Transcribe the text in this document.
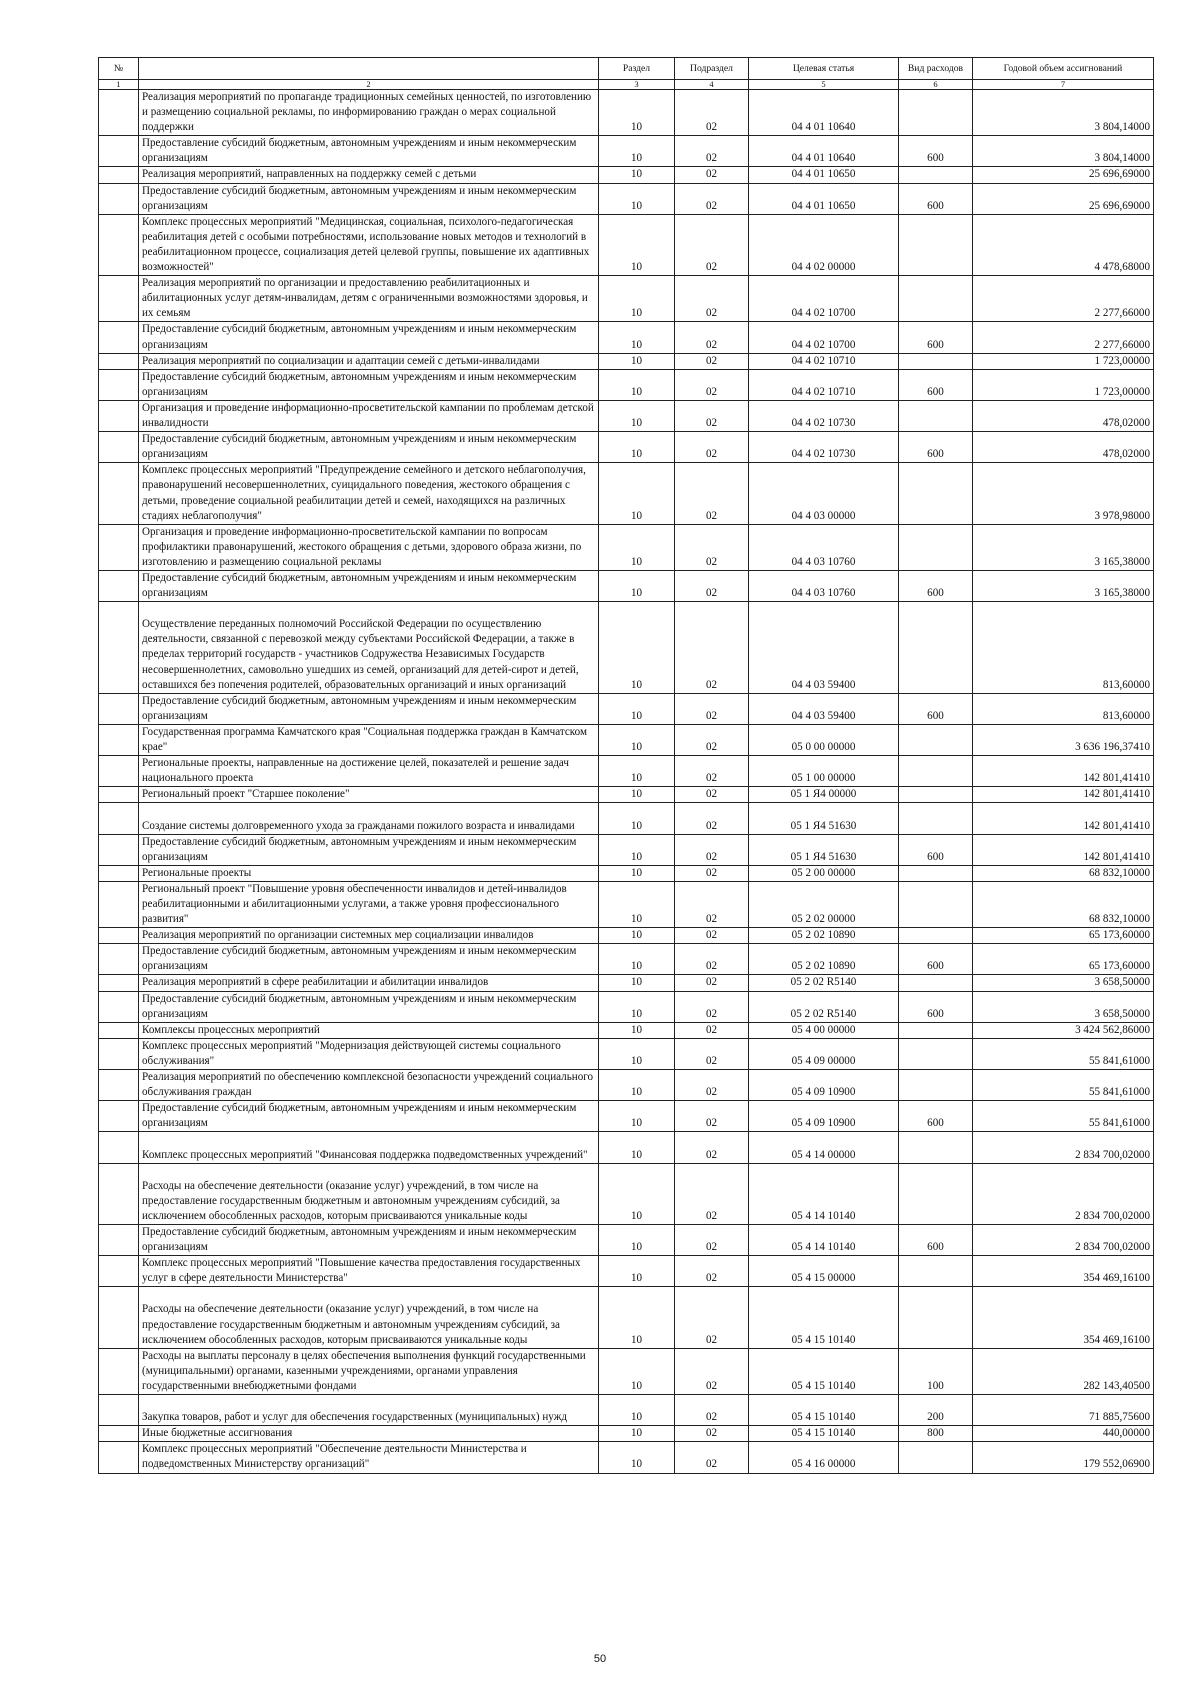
№		Раздел	Подраздел	Целевая статья	Вид расходов	Годовой объем ассигнований
1	2	3	4	5	6	7
	Реализация мероприятий по пропаганде традиционных семейных ценностей, по изготовлению и размещению социальной рекламы, по информированию граждан о мерах социальной поддержки	10	02	04 4 01 10640		3 804,14000
	Предоставление субсидий бюджетным, автономным учреждениям и иным некоммерческим организациям	10	02	04 4 01 10640	600	3 804,14000
	Реализация мероприятий, направленных на поддержку семей с детьми	10	02	04 4 01 10650		25 696,69000
	Предоставление субсидий бюджетным, автономным учреждениям и иным некоммерческим организациям	10	02	04 4 01 10650	600	25 696,69000
	Комплекс процессных мероприятий "Медицинская, социальная, психолого-педагогическая реабилитация детей с особыми потребностями, использование новых методов и технологий в реабилитационном процессе, социализация детей целевой группы, повышение их адаптивных возможностей"	10	02	04 4 02 00000		4 478,68000
	Реализация мероприятий по организации и предоставлению реабилитационных и абилитационных услуг детям-инвалидам, детям с ограниченными возможностями здоровья, и их семьям	10	02	04 4 02 10700		2 277,66000
	Предоставление субсидий бюджетным, автономным учреждениям и иным некоммерческим организациям	10	02	04 4 02 10700	600	2 277,66000
	Реализация мероприятий по социализации и адаптации семей с детьми-инвалидами	10	02	04 4 02 10710		1 723,00000
	Предоставление субсидий бюджетным, автономным учреждениям и иным некоммерческим организациям	10	02	04 4 02 10710	600	1 723,00000
	Организация и проведение информационно-просветительской кампании по проблемам детской инвалидности	10	02	04 4 02 10730		478,02000
	Предоставление субсидий бюджетным, автономным учреждениям и иным некоммерческим организациям	10	02	04 4 02 10730	600	478,02000
	Комплекс процессных мероприятий "Предупреждение семейного и детского неблагополучия, правонарушений несовершеннолетних, суицидального поведения, жестокого обращения с детьми, проведение социальной реабилитации детей и семей, находящихся на различных стадиях неблагополучия"	10	02	04 4 03 00000		3 978,98000
	Организация и проведение информационно-просветительской кампании по вопросам профилактики правонарушений, жестокого обращения с детьми, здорового образа жизни, по изготовлению и размещению социальной рекламы	10	02	04 4 03 10760		3 165,38000
	Предоставление субсидий бюджетным, автономным учреждениям и иным некоммерческим организациям	10	02	04 4 03 10760	600	3 165,38000
	Осуществление переданных полномочий Российской Федерации по осуществлению деятельности, связанной с перевозкой между субъектами Российской Федерации, а также в пределах территорий государств - участников Содружества Независимых Государств несовершеннолетних, самовольно ушедших из семей, организаций для детей-сирот и детей, оставшихся без попечения родителей, образовательных организаций и иных организаций	10	02	04 4 03 59400		813,60000
	Предоставление субсидий бюджетным, автономным учреждениям и иным некоммерческим организациям	10	02	04 4 03 59400	600	813,60000
	Государственная программа Камчатского края "Социальная поддержка граждан в Камчатском крае"	10	02	05 0 00 00000		3 636 196,37410
	Региональные проекты, направленные на достижение целей, показателей и решение задач национального проекта	10	02	05 1 00 00000		142 801,41410
	Региональный проект "Старшее поколение"	10	02	05 1 Я4 00000		142 801,41410
	Создание системы долговременного ухода за гражданами пожилого возраста и инвалидами	10	02	05 1 Я4 51630		142 801,41410
	Предоставление субсидий бюджетным, автономным учреждениям и иным некоммерческим организациям	10	02	05 1 Я4 51630	600	142 801,41410
	Региональные проекты	10	02	05 2 00 00000		68 832,10000
	Региональный проект "Повышение уровня обеспеченности инвалидов и детей-инвалидов реабилитационными и абилитационными услугами, а также уровня профессионального развития"	10	02	05 2 02 00000		68 832,10000
	Реализация мероприятий по организации системных мер социализации инвалидов	10	02	05 2 02 10890		65 173,60000
	Предоставление субсидий бюджетным, автономным учреждениям и иным некоммерческим организациям	10	02	05 2 02 10890	600	65 173,60000
	Реализация мероприятий в сфере реабилитации и абилитации инвалидов	10	02	05 2 02 R5140		3 658,50000
	Предоставление субсидий бюджетным, автономным учреждениям и иным некоммерческим организациям	10	02	05 2 02 R5140	600	3 658,50000
	Комплексы процессных мероприятий	10	02	05 4 00 00000		3 424 562,86000
	Комплекс процессных мероприятий "Модернизация действующей системы социального обслуживания"	10	02	05 4 09 00000		55 841,61000
	Реализация мероприятий по обеспечению комплексной безопасности учреждений социального обслуживания граждан	10	02	05 4 09 10900		55 841,61000
	Предоставление субсидий бюджетным, автономным учреждениям и иным некоммерческим организациям	10	02	05 4 09 10900	600	55 841,61000
	Комплекс процессных мероприятий "Финансовая поддержка подведомственных учреждений"	10	02	05 4 14 00000		2 834 700,02000
	Расходы на обеспечение деятельности (оказание услуг) учреждений, в том числе на предоставление государственным бюджетным и автономным учреждениям субсидий, за исключением обособленных расходов, которым присваиваются уникальные коды	10	02	05 4 14 10140		2 834 700,02000
	Предоставление субсидий бюджетным, автономным учреждениям и иным некоммерческим организациям	10	02	05 4 14 10140	600	2 834 700,02000
	Комплекс процессных мероприятий "Повышение качества предоставления государственных услуг в сфере деятельности Министерства"	10	02	05 4 15 00000		354 469,16100
	Расходы на обеспечение деятельности (оказание услуг) учреждений, в том числе на предоставление государственным бюджетным и автономным учреждениям субсидий, за исключением обособленных расходов, которым присваиваются уникальные коды	10	02	05 4 15 10140		354 469,16100
	Расходы на выплаты персоналу в целях обеспечения выполнения функций государственными (муниципальными) органами, казенными учреждениями, органами управления государственными внебюджетными фондами	10	02	05 4 15 10140	100	282 143,40500
	Закупка товаров, работ и услуг для обеспечения государственных (муниципальных) нужд	10	02	05 4 15 10140	200	71 885,75600
	Иные бюджетные ассигнования	10	02	05 4 15 10140	800	440,00000
	Комплекс процессных мероприятий "Обеспечение деятельности Министерства и подведомственных Министерству организаций"	10	02	05 4 16 00000		179 552,06900
50
